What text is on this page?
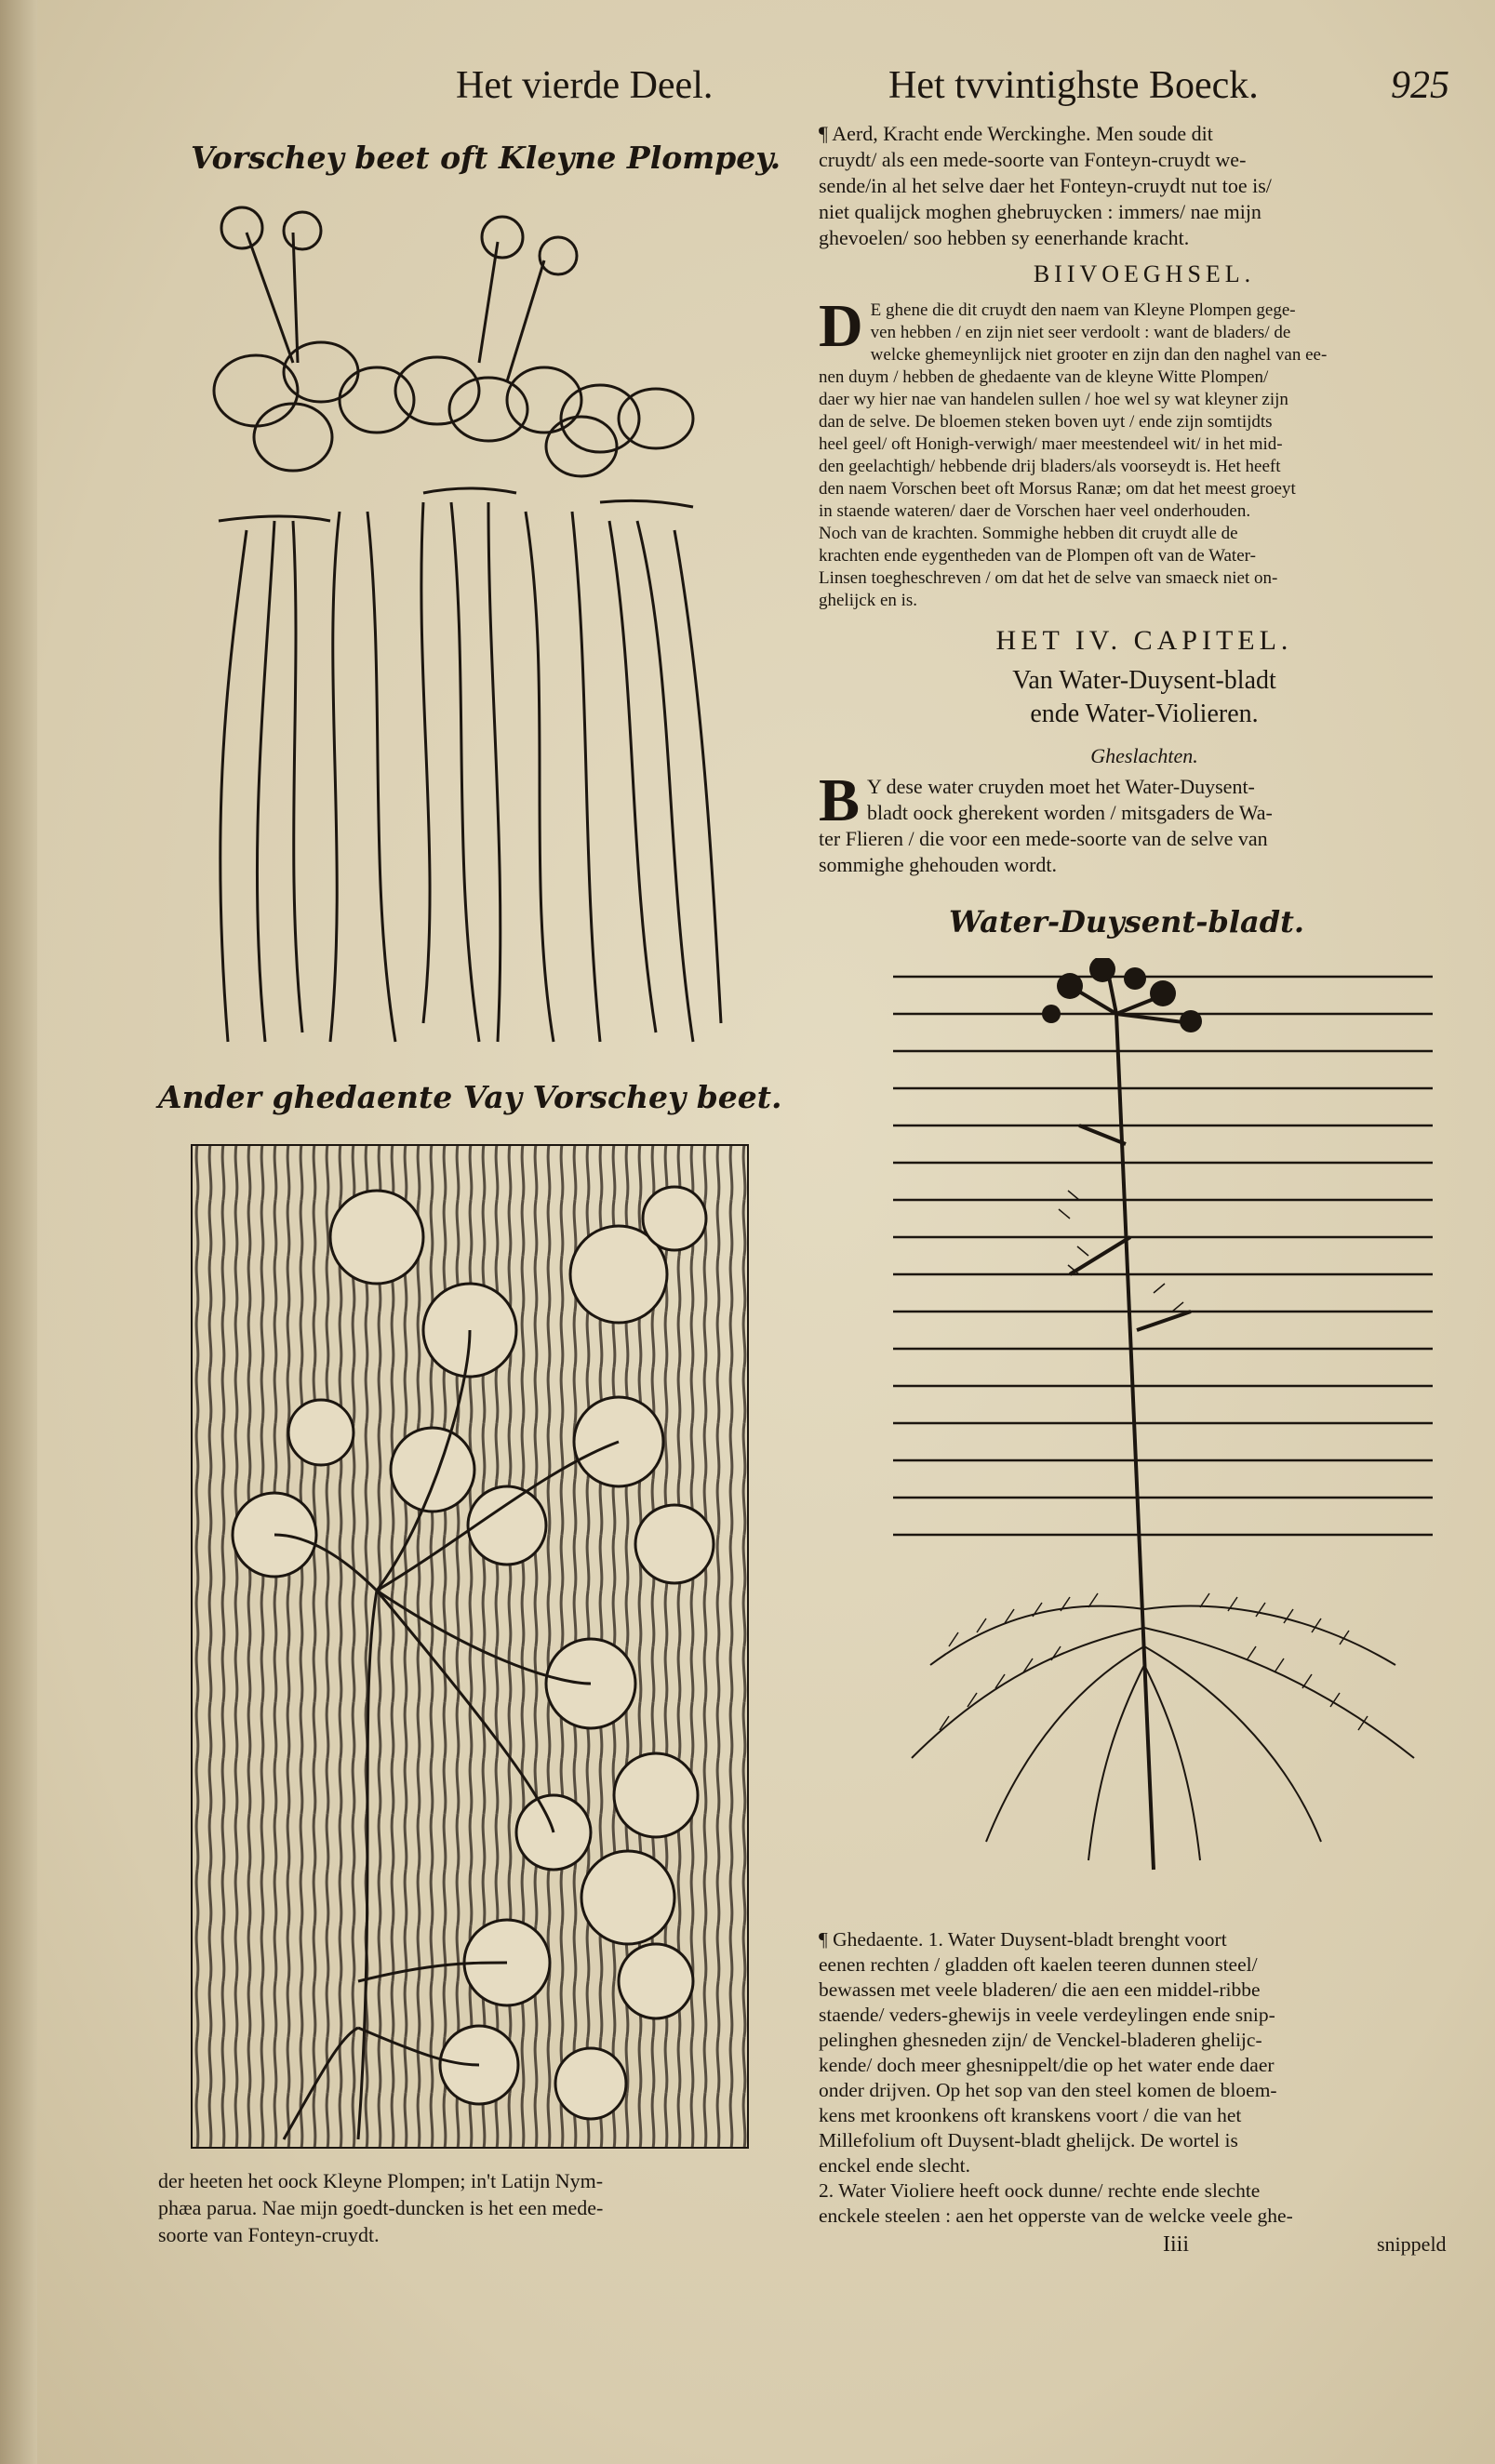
Het vierde Deel.	Het tvvintighste Boeck.	925
Vorschey beet oft Kleyne Plompey.
Ander ghedaente Vay Vorschey beet.

der heeten het oock Kleyne Plompen; in't Latijn Nym-

phæa parua. Nae mijn goedt-duncken is het een mede-

soorte van Fonteyn-cruydt.

¶ Aerd, Kracht ende Werckinghe. Men soude dit

cruydt/ als een mede-soorte van Fonteyn-cruydt we-

sende/in al het selve daer het Fonteyn-cruydt nut toe is/

niet qualijck moghen ghebruycken : immers/ nae mijn

ghevoelen/ soo hebben sy eenerhande kracht.

BIIVOEGHSEL.
D E ghene die dit cruydt den naem van Kleyne Plompen gege-

ven hebben / en zijn niet seer verdoolt : want de bladers/ de

welcke ghemeynlijck niet grooter en zijn dan den naghel van ee-

nen duym / hebben de ghedaente van de kleyne Witte Plompen/

daer wy hier nae van handelen sullen / hoe wel sy wat kleyner zijn

dan de selve. De bloemen steken boven uyt / ende zijn somtijdts

heel geel/ oft Honigh-verwigh/ maer meestendeel wit/ in het mid-

den geelachtigh/ hebbende drij bladers/als voorseydt is. Het heeft

den naem Vorschen beet oft Morsus Ranæ; om dat het meest groeyt

in staende wateren/ daer de Vorschen haer veel onderhouden.

Noch van de krachten. Sommighe hebben dit cruydt alle de

krachten ende eygentheden van de Plompen oft van de Water-

Linsen toegheschreven / om dat het de selve van smaeck niet on-

ghelijck en is.

HET IV. CAPITEL.
Van Water-Duysent-bladt
ende Water-Violieren.
Gheslachten.
B Y dese water cruyden moet het Water-Duysent-

bladt oock gherekent worden / mitsgaders de Wa-

ter Flieren / die voor een mede-soorte van de selve van

sommighe ghehouden wordt.

Water-Duysent-bladt.

¶ Ghedaente. 1. Water Duysent-bladt brenght voort

eenen rechten / gladden oft kaelen teeren dunnen steel/

bewassen met veele bladeren/ die aen een middel-ribbe

staende/ veders-ghewijs in veele verdeylingen ende snip-

pelinghen ghesneden zijn/ de Venckel-bladeren ghelijc-

kende/ doch meer ghesnippelt/die op het water ende daer

onder drijven. Op het sop van den steel komen de bloem-

kens met kroonkens oft kranskens voort / die van het

Millefolium oft Duysent-bladt ghelijck. De wortel is

enckel ende slecht.

2. Water Violiere heeft oock dunne/ rechte ende slechte

enckele steelen : aen het opperste van de welcke veele ghe-

Iiii	snippeld
